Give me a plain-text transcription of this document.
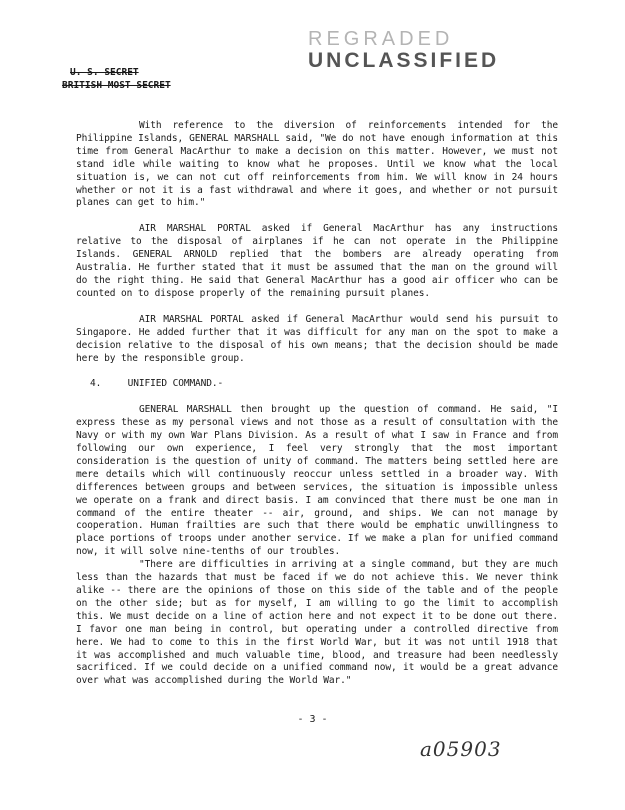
REGRADED
UNCLASSIFIED
U. S. SECRET
BRITISH MOST SECRET

With reference to the diversion of reinforcements intended for the Philippine Islands, GENERAL MARSHALL said, "We do not have enough information at this time from General MacArthur to make a decision on this matter. However, we must not stand idle while waiting to know what he proposes. Until we know what the local situation is, we can not cut off reinforcements from him. We will know in 24 hours whether or not it is a fast withdrawal and where it goes, and whether or not pursuit planes can get to him."

AIR MARSHAL PORTAL asked if General MacArthur has any instructions relative to the disposal of airplanes if he can not operate in the Philippine Islands. GENERAL ARNOLD replied that the bombers are already operating from Australia. He further stated that it must be assumed that the man on the ground will do the right thing. He said that General MacArthur has a good air officer who can be counted on to dispose properly of the remaining pursuit planes.

AIR MARSHAL PORTAL asked if General MacArthur would send his pursuit to Singapore. He added further that it was difficult for any man on the spot to make a decision relative to the disposal of his own means; that the decision should be made here by the responsible group.

4.	UNIFIED COMMAND.-

GENERAL MARSHALL then brought up the question of command. He said, "I express these as my personal views and not those as a result of consultation with the Navy or with my own War Plans Division. As a result of what I saw in France and from following our own experience, I feel very strongly that the most important consideration is the question of unity of command. The matters being settled here are mere details which will continuously reoccur unless settled in a broader way. With differences between groups and between services, the situation is impossible unless we operate on a frank and direct basis. I am convinced that there must be one man in command of the entire theater -- air, ground, and ships. We can not manage by cooperation. Human frailties are such that there would be emphatic unwillingness to place portions of troops under another service. If we make a plan for unified command now, it will solve nine-tenths of our troubles.

"There are difficulties in arriving at a single command, but they are much less than the hazards that must be faced if we do not achieve this. We never think alike -- there are the opinions of those on this side of the table and of the people on the other side; but as for myself, I am willing to go the limit to accomplish this. We must decide on a line of action here and not expect it to be done out there. I favor one man being in control, but operating under a controlled directive from here. We had to come to this in the first World War, but it was not until 1918 that it was accomplished and much valuable time, blood, and treasure had been needlessly sacrificed. If we could decide on a unified command now, it would be a great advance over what was accomplished during the World War."

- 3 -
a05903
